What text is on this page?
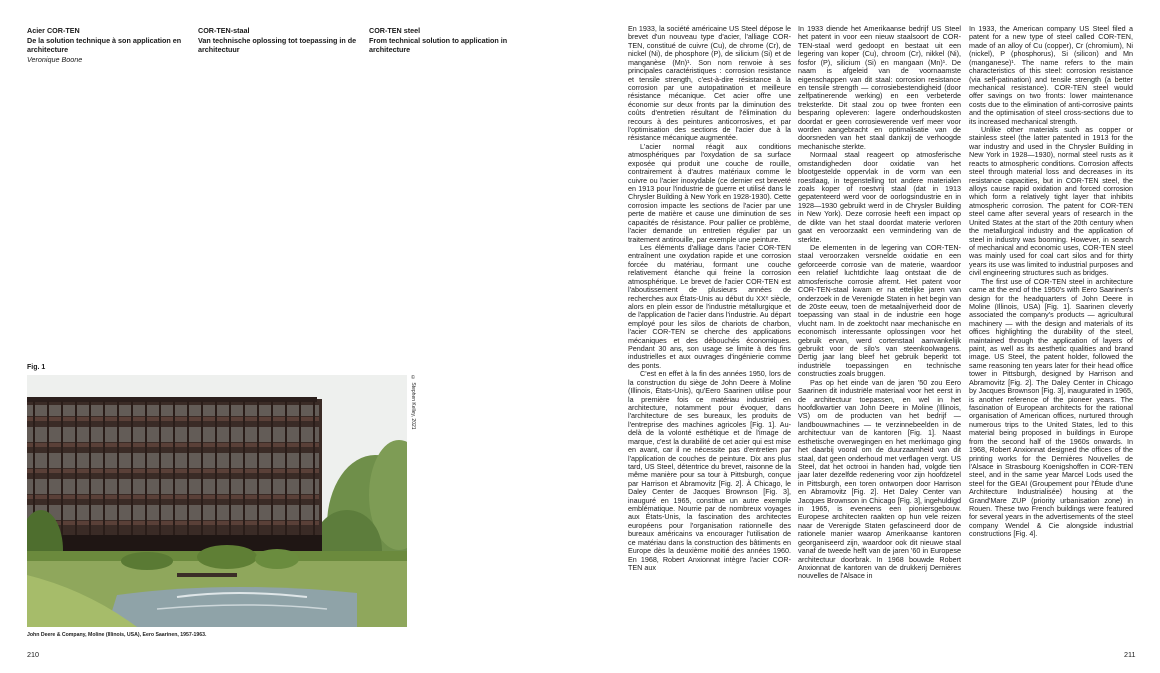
Acier COR-TEN
De la solution technique à son application en architecture
Veronique Boone
COR-TEN-staal
Van technische oplossing tot toepassing in de architectuur
COR-TEN steel
From technical solution to application in architecture
Fig. 1
© Stephen Kelley, 2021
John Deere & Company, Moline (Illinois, USA), Eero Saarinen, 1957-1963.
210	211

En 1933, la société américaine US Steel dépose le brevet d'un nouveau type d'acier, l'alliage COR-TEN, constitué de cuivre (Cu), de chrome (Cr), de nickel (Ni), de phosphore (P), de silicium (Si) et de manganèse (Mn)¹. Son nom renvoie à ses principales caractéristiques : corrosion resistance et tensile strength, c'est-à-dire résistance à la corrosion par une autopatination et meilleure résistance mécanique. Cet acier offre une économie sur deux fronts par la diminution des coûts d'entretien résultant de l'élimination du recours à des peintures anticorrosives, et par l'optimisation des sections de l'acier due à la résistance mécanique augmentée.

L'acier normal réagit aux conditions atmosphériques par l'oxydation de sa surface exposée qui produit une couche de rouille, contrairement à d'autres matériaux comme le cuivre ou l'acier inoxydable (ce dernier est breveté en 1913 pour l'industrie de guerre et utilisé dans le Chrysler Building à New York en 1928-1930). Cette corrosion impacte les sections de l'acier par une perte de matière et cause une diminution de ses capacités de résistance. Pour pallier ce problème, l'acier demande un entretien régulier par un traitement antirouille, par exemple une peinture.

Les éléments d'alliage dans l'acier COR-TEN entraînent une oxydation rapide et une corrosion forcée du matériau, formant une couche relativement étanche qui freine la corrosion atmosphérique. Le brevet de l'acier COR-TEN est l'aboutissement de plusieurs années de recherches aux États-Unis au début du XXᵉ siècle, alors en plein essor de l'industrie métallurgique et de l'application de l'acier dans l'industrie. Au départ employé pour les silos de chariots de charbon, l'acier COR-TEN se cherche des applications mécaniques et des débouchés économiques. Pendant 30 ans, son usage se limite à des fins industrielles et aux ouvrages d'ingénierie comme des ponts.

C'est en effet à la fin des années 1950, lors de la construction du siège de John Deere à Moline (Illinois, États-Unis), qu'Eero Saarinen utilise pour la première fois ce matériau industriel en architecture, notamment pour évoquer, dans l'architecture de ses bureaux, les produits de l'entreprise des machines agricoles [Fig. 1]. Au-delà de la volonté esthétique et de l'image de marque, c'est la durabilité de cet acier qui est mise en avant, car il ne nécessite pas d'entretien par l'application de couches de peinture. Dix ans plus tard, US Steel, détentrice du brevet, raisonne de la même manière pour sa tour à Pittsburgh, conçue par Harrison et Abramovitz [Fig. 2]. À Chicago, le Daley Center de Jacques Brownson [Fig. 3], inauguré en 1965, constitue un autre exemple emblématique. Nourrie par de nombreux voyages aux États-Unis, la fascination des architectes européens pour l'organisation rationnelle des bureaux américains va encourager l'utilisation de ce matériau dans la construction des bâtiments en Europe dès la deuxième moitié des années 1960. En 1968, Robert Anxionnat intègre l'acier COR-TEN aux

In 1933 diende het Amerikaanse bedrijf US Steel het patent in voor een nieuw staalsoort de COR-TEN-staal werd gedoopt en bestaat uit een legering van koper (Cu), chroom (Cr), nikkel (Ni), fosfor (P), silicium (Si) en mangaan (Mn)¹. De naam is afgeleid van de voornaamste eigenschappen van dit staal: corrosion resistance en tensile strength — corrosiebestendigheid (door zelfpatinerende werking) en een verbeterde treksterkte. Dit staal zou op twee fronten een besparing opleveren: lagere onderhoudskosten doordat er geen corrosiewerende verf meer voor worden aangebracht en optimalisatie van de doorsneden van het staal dankzij de verhoogde mechanische sterkte.

Normaal staal reageert op atmosferische omstandigheden door oxidatie van het blootgestelde oppervlak in de vorm van een roestlaag, in tegenstelling tot andere materialen zoals koper of roestvrij staal (dat in 1913 gepatenteerd werd voor de oorlogsindustrie en in 1928—1930 gebruikt werd in de Chrysler Building in New York). Deze corrosie heeft een impact op de dikte van het staal doordat materie verloren gaat en veroorzaakt een vermindering van de sterkte.

De elementen in de legering van COR-TEN-staal veroorzaken versnelde oxidatie en een geforceerde corrosie van de materie, waardoor een relatief luchtdichte laag ontstaat die de atmosferische corrosie afremt. Het patent voor COR-TEN-staal kwam er na ettelijke jaren van onderzoek in de Verenigde Staten in het begin van de 20ste eeuw, toen de metaalnijverheid door de toepassing van staal in de industrie een hoge vlucht nam. In de zoektocht naar mechanische en economisch interessante oplossingen voor het gebruik ervan, werd cortenstaal aanvankelijk gebruikt voor de silo's van steenkoolwagens. Dertig jaar lang bleef het gebruik beperkt tot industriële toepassingen en technische constructies zoals bruggen.

Pas op het einde van de jaren '50 zou Eero Saarinen dit industriële materiaal voor het eerst in de architectuur toepassen, en wel in het hoofdkwartier van John Deere in Moline (Illinois, VS) om de producten van het bedrijf — landbouwmachines — te verzinnebeelden in de architectuur van de kantoren [Fig. 1]. Naast esthetische overwegingen en het merkimago ging het daarbij vooral om de duurzaamheid van dit staal, dat geen onderhoud met verflagen vergt. US Steel, dat het octrooi in handen had, volgde tien jaar later dezelfde redenering voor zijn hoofdzetel in Pittsburgh, een toren ontworpen door Harrison en Abramovitz [Fig. 2]. Het Daley Center van Jacques Brownson in Chicago [Fig. 3], ingehuldigd in 1965, is eveneens een pioniersgebouw. Europese architecten raakten op hun vele reizen naar de Verenigde Staten gefascineerd door de rationele manier waarop Amerikaanse kantoren georganiseerd zijn, waardoor ook dit nieuwe staal vanaf de tweede helft van de jaren '60 in Europese architectuur doorbrak. In 1968 bouwde Robert Anxionnat de kantoren van de drukkerij Dernières nouvelles de l'Alsace in

In 1933, the American company US Steel filed a patent for a new type of steel called COR-TEN, made of an alloy of Cu (copper), Cr (chromium), Ni (nickel), P (phosphorus), Si (silicon) and Mn (manganese)¹. The name refers to the main characteristics of this steel: corrosion resistance (via self-patination) and tensile strength (a better mechanical resistance). COR-TEN steel would offer savings on two fronts: lower maintenance costs due to the elimination of anti-corrosive paints and the optimisation of steel cross-sections due to its increased mechanical strength.

Unlike other materials such as copper or stainless steel (the latter patented in 1913 for the war industry and used in the Chrysler Building in New York in 1928—1930), normal steel rusts as it reacts to atmospheric conditions. Corrosion affects steel through material loss and decreases in its resistance capacities, but in COR-TEN steel, the alloys cause rapid oxidation and forced corrosion which form a relatively tight layer that inhibits atmospheric corrosion. The patent for COR-TEN steel came after several years of research in the United States at the start of the 20th century when the metallurgical industry and the application of steel in industry was booming. However, in search of mechanical and economic uses, COR-TEN steel was mainly used for coal cart silos and for thirty years its use was limited to industrial purposes and civil engineering structures such as bridges.

The first use of COR-TEN steel in architecture came at the end of the 1950's with Eero Saarinen's design for the headquarters of John Deere in Moline (Illinois, USA) [Fig. 1]. Saarinen cleverly associated the company's products — agricultural machinery — with the design and materials of its offices highlighting the durability of the steel, maintained through the application of layers of paint, as well as its aesthetic qualities and brand image. US Steel, the patent holder, followed the same reasoning ten years later for their head office tower in Pittsburgh, designed by Harrison and Abramovitz [Fig. 2]. The Daley Center in Chicago by Jacques Brownson [Fig. 3], inaugurated in 1965, is another reference of the pioneer years. The fascination of European architects for the rational organisation of American offices, nurtured through numerous trips to the United States, led to this material being proposed in buildings in Europe from the second half of the 1960s onwards. In 1968, Robert Anxionnat designed the offices of the printing works for the Dernières Nouvelles de l'Alsace in Strasbourg Koenigshoffen in COR-TEN steel, and in the same year Marcel Lods used the steel for the GEAI (Groupement pour l'Étude d'une Architecture Industrialisée) housing at the Grand'Mare ZUP (priority urbanisation zone) in Rouen. These two French buildings were featured for several years in the advertisements of the steel company Wendel & Cie alongside industrial constructions [Fig. 4].
